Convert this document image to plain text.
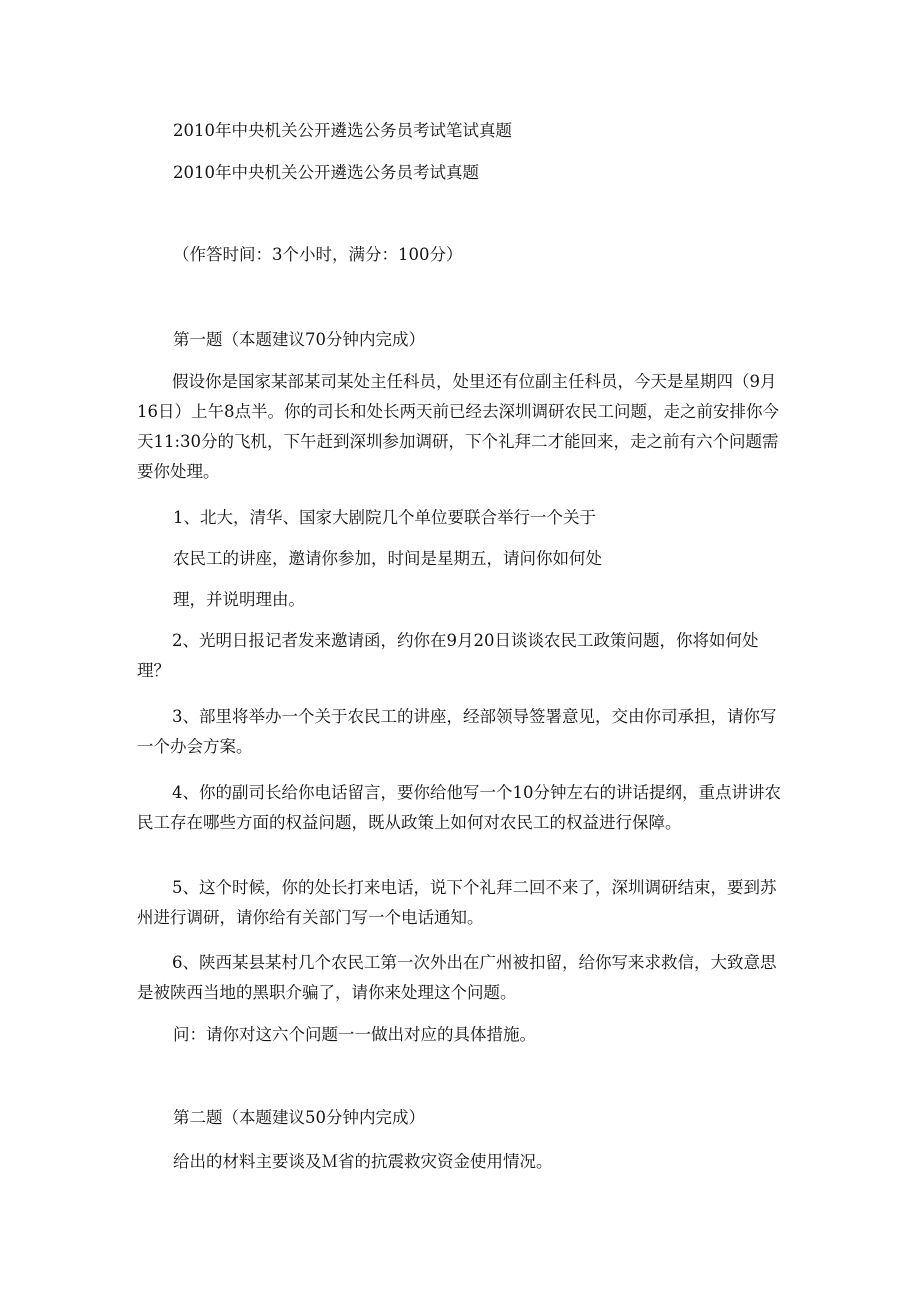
2010年中央机关公开遴选公务员考试笔试真题
2010年中央机关公开遴选公务员考试真题
（作答时间：3个小时，满分：100分）
第一题（本题建议70分钟内完成）

假设你是国家某部某司某处主任科员，处里还有位副主任科员，今天是星期四（9月16日）上午8点半。你的司长和处长两天前已经去深圳调研农民工问题，走之前安排你今天11:30分的飞机，下午赶到深圳参加调研，下个礼拜二才能回来，走之前有六个问题需要你处理。

1、北大，清华、国家大剧院几个单位要联合举行一个关于
农民工的讲座，邀请你参加，时间是星期五，请问你如何处
理，并说明理由。

2、光明日报记者发来邀请函，约你在9月20日谈谈农民工政策问题，你将如何处理？

3、部里将举办一个关于农民工的讲座，经部领导签署意见，交由你司承担，请你写一个办会方案。

4、你的副司长给你电话留言，要你给他写一个10分钟左右的讲话提纲，重点讲讲农民工存在哪些方面的权益问题，既从政策上如何对农民工的权益进行保障。

5、这个时候，你的处长打来电话，说下个礼拜二回不来了，深圳调研结束，要到苏州进行调研，请你给有关部门写一个电话通知。

6、陕西某县某村几个农民工第一次外出在广州被扣留，给你写来求救信，大致意思是被陕西当地的黑职介骗了，请你来处理这个问题。

问：请你对这六个问题一一做出对应的具体措施。
第二题（本题建议50分钟内完成）
给出的材料主要谈及Ｍ省的抗震救灾资金使用情况。
